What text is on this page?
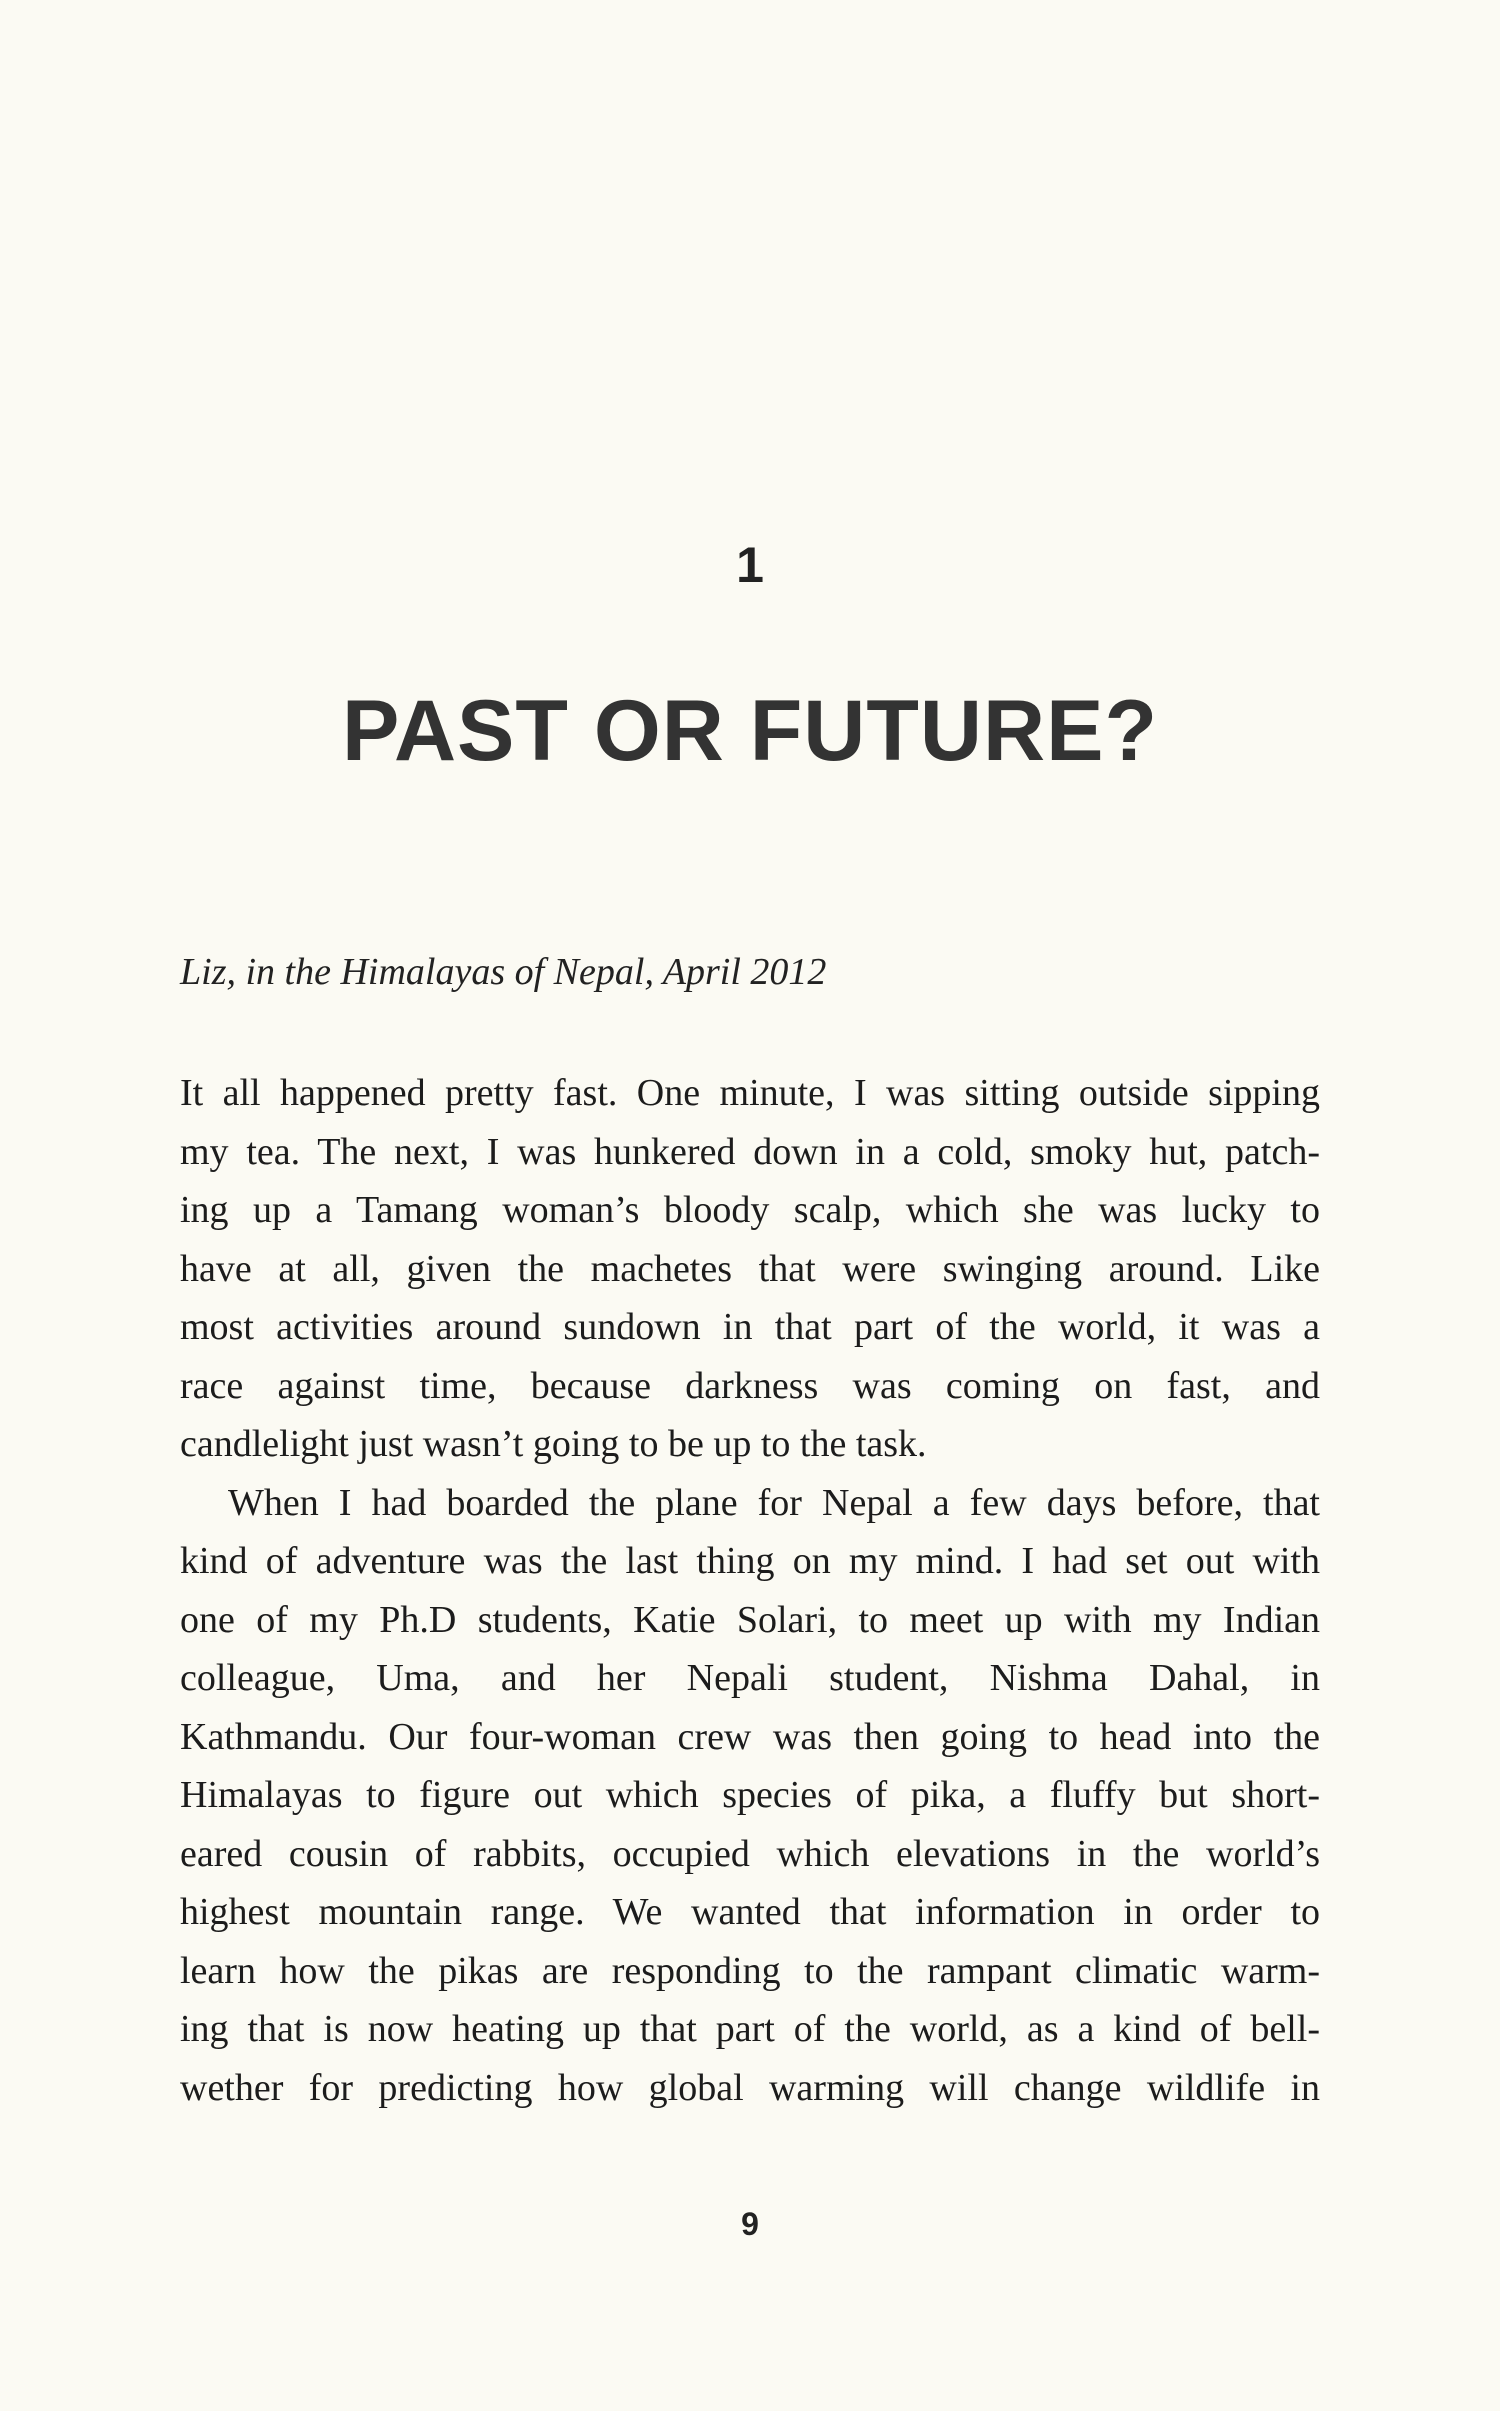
1
PAST OR FUTURE?
Liz, in the Himalayas of Nepal, April 2012
It all happened pretty fast. One minute, I was sitting outside sipping
my tea. The next, I was hunkered down in a cold, smoky hut, patch-
ing up a Tamang woman’s bloody scalp, which she was lucky to
have at all, given the machetes that were swinging around. Like
most activities around sundown in that part of the world, it was a
race against time, because darkness was coming on fast, and
candlelight just wasn’t going to be up to the task.
When I had boarded the plane for Nepal a few days before, that
kind of adventure was the last thing on my mind. I had set out with
one of my Ph.D students, Katie Solari, to meet up with my Indian
colleague, Uma, and her Nepali student, Nishma Dahal, in
Kathmandu. Our four-woman crew was then going to head into the
Himalayas to figure out which species of pika, a fluffy but short-
eared cousin of rabbits, occupied which elevations in the world’s
highest mountain range. We wanted that information in order to
learn how the pikas are responding to the rampant climatic warm-
ing that is now heating up that part of the world, as a kind of bell-
wether for predicting how global warming will change wildlife in
9
